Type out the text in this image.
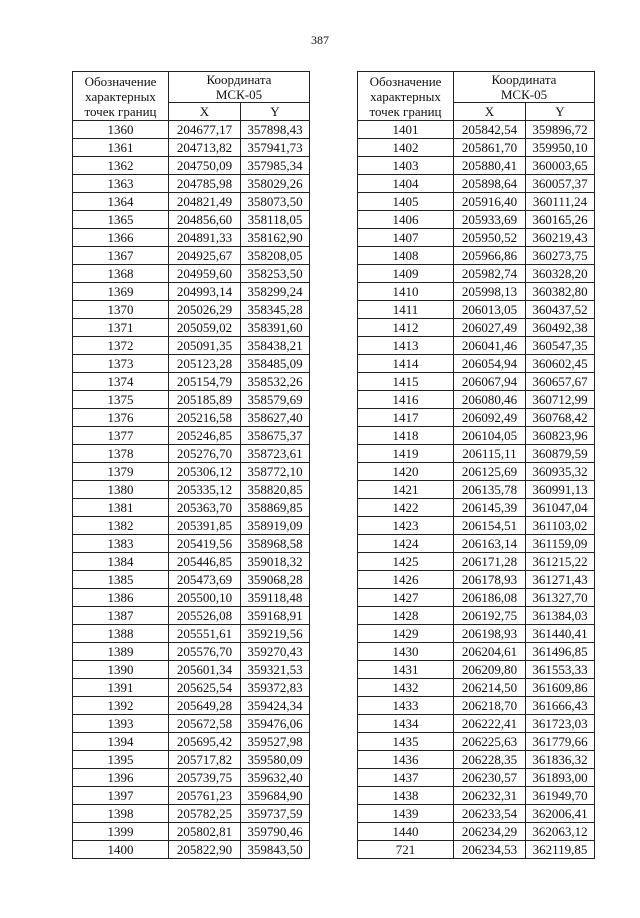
387
Обозначение
характерных
точек границ	Координата
МСК-05	
	X	Y
1360	204677,17	357898,43
1361	204713,82	357941,73
1362	204750,09	357985,34
1363	204785,98	358029,26
1364	204821,49	358073,50
1365	204856,60	358118,05
1366	204891,33	358162,90
1367	204925,67	358208,05
1368	204959,60	358253,50
1369	204993,14	358299,24
1370	205026,29	358345,28
1371	205059,02	358391,60
1372	205091,35	358438,21
1373	205123,28	358485,09
1374	205154,79	358532,26
1375	205185,89	358579,69
1376	205216,58	358627,40
1377	205246,85	358675,37
1378	205276,70	358723,61
1379	205306,12	358772,10
1380	205335,12	358820,85
1381	205363,70	358869,85
1382	205391,85	358919,09
1383	205419,56	358968,58
1384	205446,85	359018,32
1385	205473,69	359068,28
1386	205500,10	359118,48
1387	205526,08	359168,91
1388	205551,61	359219,56
1389	205576,70	359270,43
1390	205601,34	359321,53
1391	205625,54	359372,83
1392	205649,28	359424,34
1393	205672,58	359476,06
1394	205695,42	359527,98
1395	205717,82	359580,09
1396	205739,75	359632,40
1397	205761,23	359684,90
1398	205782,25	359737,59
1399	205802,81	359790,46
1400	205822,90	359843,50
Обозначение
характерных
точек границ	Координата
МСК-05	
	X	Y
1401	205842,54	359896,72
1402	205861,70	359950,10
1403	205880,41	360003,65
1404	205898,64	360057,37
1405	205916,40	360111,24
1406	205933,69	360165,26
1407	205950,52	360219,43
1408	205966,86	360273,75
1409	205982,74	360328,20
1410	205998,13	360382,80
1411	206013,05	360437,52
1412	206027,49	360492,38
1413	206041,46	360547,35
1414	206054,94	360602,45
1415	206067,94	360657,67
1416	206080,46	360712,99
1417	206092,49	360768,42
1418	206104,05	360823,96
1419	206115,11	360879,59
1420	206125,69	360935,32
1421	206135,78	360991,13
1422	206145,39	361047,04
1423	206154,51	361103,02
1424	206163,14	361159,09
1425	206171,28	361215,22
1426	206178,93	361271,43
1427	206186,08	361327,70
1428	206192,75	361384,03
1429	206198,93	361440,41
1430	206204,61	361496,85
1431	206209,80	361553,33
1432	206214,50	361609,86
1433	206218,70	361666,43
1434	206222,41	361723,03
1435	206225,63	361779,66
1436	206228,35	361836,32
1437	206230,57	361893,00
1438	206232,31	361949,70
1439	206233,54	362006,41
1440	206234,29	362063,12
721	206234,53	362119,85
